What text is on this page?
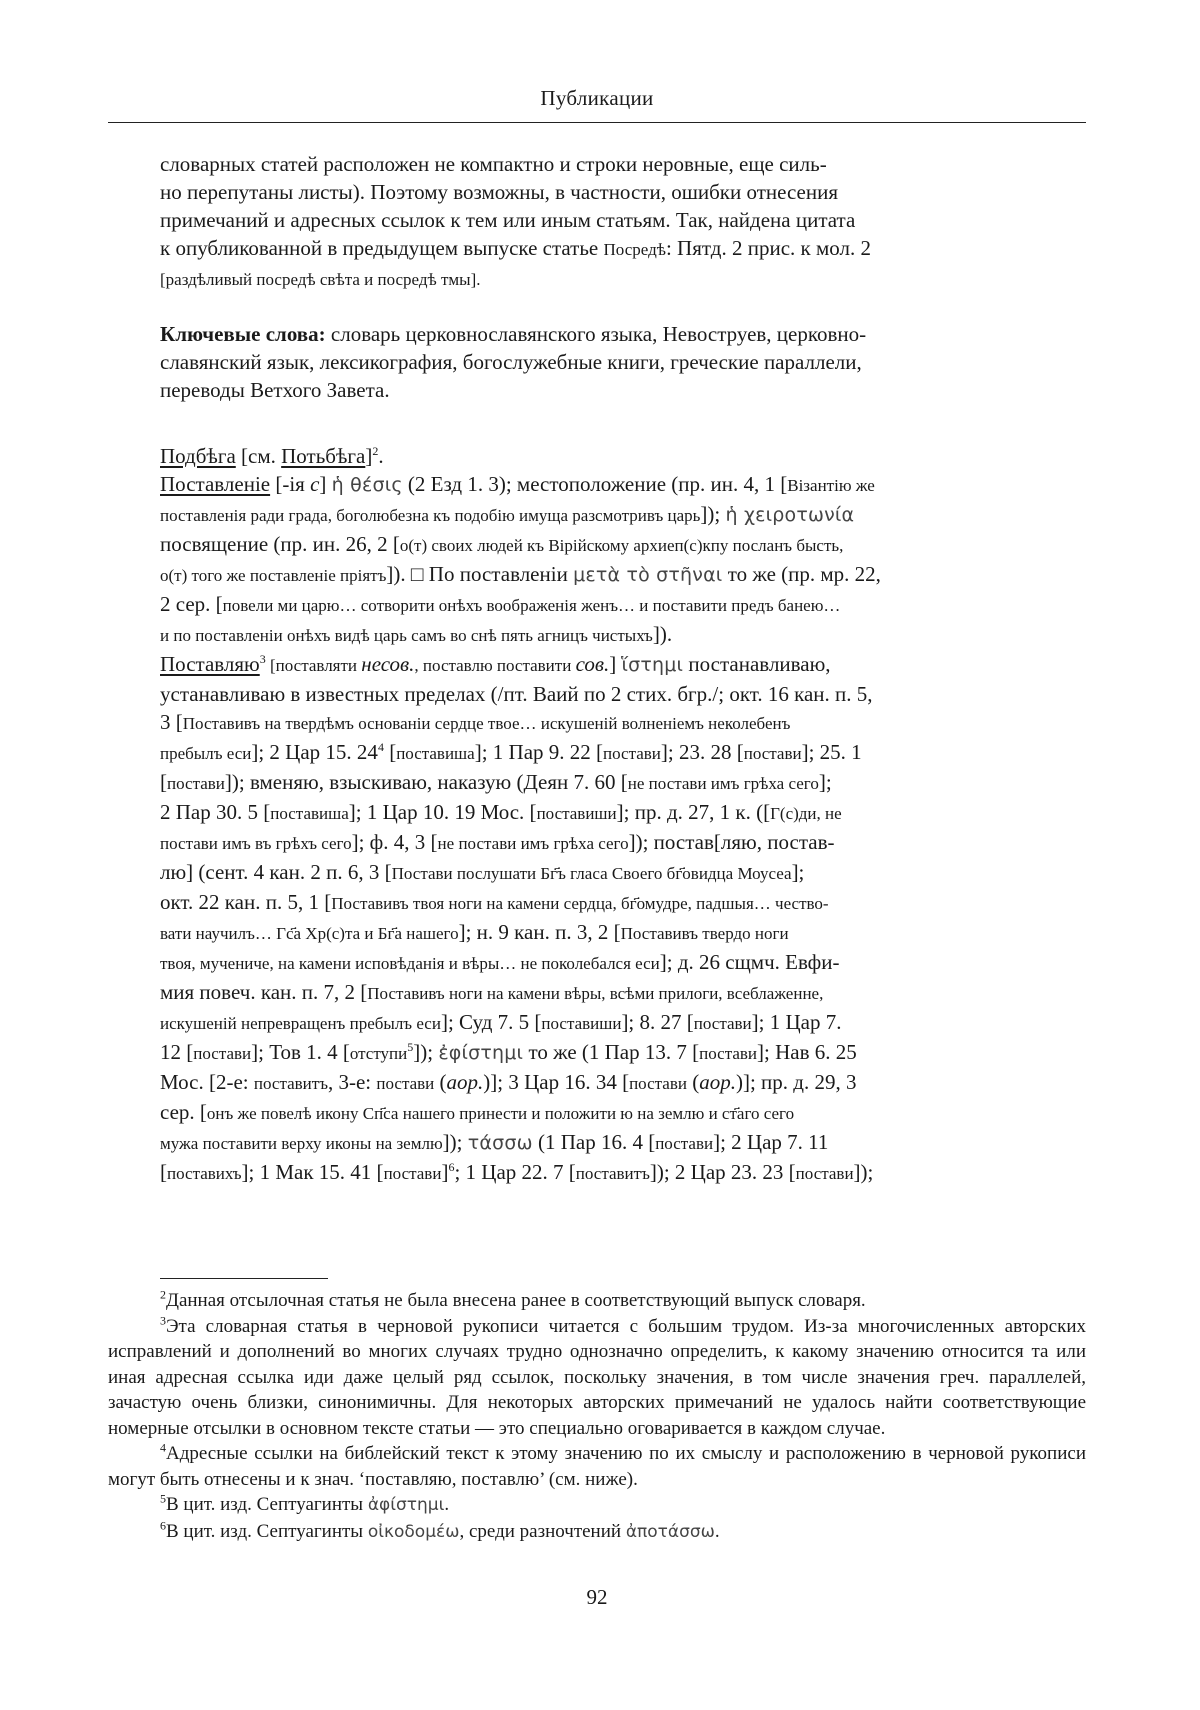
Публикации

словарных статей расположен не компактно и строки неровные, еще силь-

но перепутаны листы). Поэтому возможны, в частности, ошибки отнесения

примечаний и адресных ссылок к тем или иным статьям. Так, найдена цитата

к опубликованной в предыдущем выпуске статье Посредѣ: Пятд. 2 прис. к мол. 2

[раздѣливый посредѣ свѣта и посредѣ тмы].

Ключевые слова: словарь церковнославянского языка, Невоструев, церковно-

славянский язык, лексикография, богослужебные книги, греческие параллели,

переводы Ветхого Завета.

Подбѣга [см. Потьбѣга]$^2$.

Поставленіе [-ія с] ἡ θέσις (2 Езд 1. 3); местоположение (пр. ин. 4, 1 [Візантію же

поставленія ради града, боголюбезна къ подобію имуща разсмотривъ царь]); ἡ χειροτωνία

посвящение (пр. ин. 26, 2 [о(т) своих людей къ Вірійскому архиеп(с)кпу посланъ бысть,

о(т) того же поставленіе пріятъ]). □ По поставленіи μετὰ τὸ στῆναι то же (пр. мр. 22,

2 сер. [повели ми царю… сотворити онѣхъ воображенія женъ… и поставити предъ банею…

и по поставленіи онѣхъ видѣ царь самъ во снѣ пять агницъ чистыхъ]).

Поставляю$^3$ [поставляти несов., поставлю поставити сов.] ἵστημι постанавливаю,

устанавливаю в известных пределах (/пт. Ваий по 2 стих. бгр./; окт. 16 кан. п. 5,

3 [Поставивъ на твердѣмъ основаніи сердце твое… искушеній волненіемъ неколебенъ

пребылъ еси]; 2 Цар 15. $24^4$ [поставиша]; 1 Пар 9. 22 [постави]; 23. 28 [постави]; 25. 1

[постави]); вменяю, взыскиваю, наказую (Деян 7. 60 [не постави имъ грѣха сего];

2 Пар 30. 5 [поставиша]; 1 Цар 10. 19 Мос. [поставиши]; пр. д. 27, 1 к. ([Г(с)ди, не

постави имъ въ грѣхъ сего]; ф. 4, 3 [не постави имъ грѣха сего]); постав[ляю, постав-

лю] (сент. 4 кан. 2 п. 6, 3 [Постави послушати Бг҃ъ гласа Своего бг҃овидца Моусеа];

окт. 22 кан. п. 5, 1 [Поставивъ твоя ноги на камени сердца, бг҃омудре, падшыя… чество-

вати научилъ… Гс҃а Хр(с)та и Бг҃а нашего]; н. 9 кан. п. 3, 2 [Поставивъ твердо ноги

твоя, мучениче, на камени исповѣданія и вѣры… не поколебался еси]; д. 26 сщмч. Евфи-

мия повеч. кан. п. 7, 2 [Поставивъ ноги на камени вѣры, всѣми прилоги, всеблаженне,

искушеній непревращенъ пребылъ еси]; Суд 7. 5 [поставиши]; 8. 27 [постави]; 1 Цар 7.

12 [постави]; Тов 1. 4 [отступи$^5$]); ἐφίστημι то же (1 Пар 13. 7 [постави]; Нав 6. 25

Мос. [2-е: поставитъ, 3-е: постави (аор.)]; 3 Цар 16. 34 [постави (аор.)]; пр. д. 29, 3

сер. [онъ же повелѣ икону Сп҃са нашего принести и положити ю на землю и ст҃аго сего

мужа поставити верху иконы на землю]); τάσσω (1 Пар 16. 4 [постави]; 2 Цар 7. 11

[поставихъ]; 1 Мак 15. 41 [постави]$^6$; 1 Цар 22. 7 [поставитъ]); 2 Цар 23. 23 [постави]);

$^2$Данная отсылочная статья не была внесена ранее в соответствующий выпуск словаря.

$^3$Эта словарная статья в черновой рукописи читается с большим трудом. Из-за многочисленных авторских исправлений и дополнений во многих случаях трудно однозначно определить, к какому значению относится та или иная адресная ссылка иди даже целый ряд ссылок, поскольку значения, в том числе значения греч. параллелей, зачастую очень близки, синонимичны. Для некоторых авторских примечаний не удалось найти соответствующие номерные отсылки в основном тексте статьи — это специально оговаривается в каждом случае.

$^4$Адресные ссылки на библейский текст к этому значению по их смыслу и расположению в черновой рукописи могут быть отнесены и к знач. ‘поставляю, поставлю’ (см. ниже).

$^5$В цит. изд. Септуагинты ἀφίστημι.

$^6$В цит. изд. Септуагинты οἰκοδομέω, среди разночтений ἀποτάσσω.

92
